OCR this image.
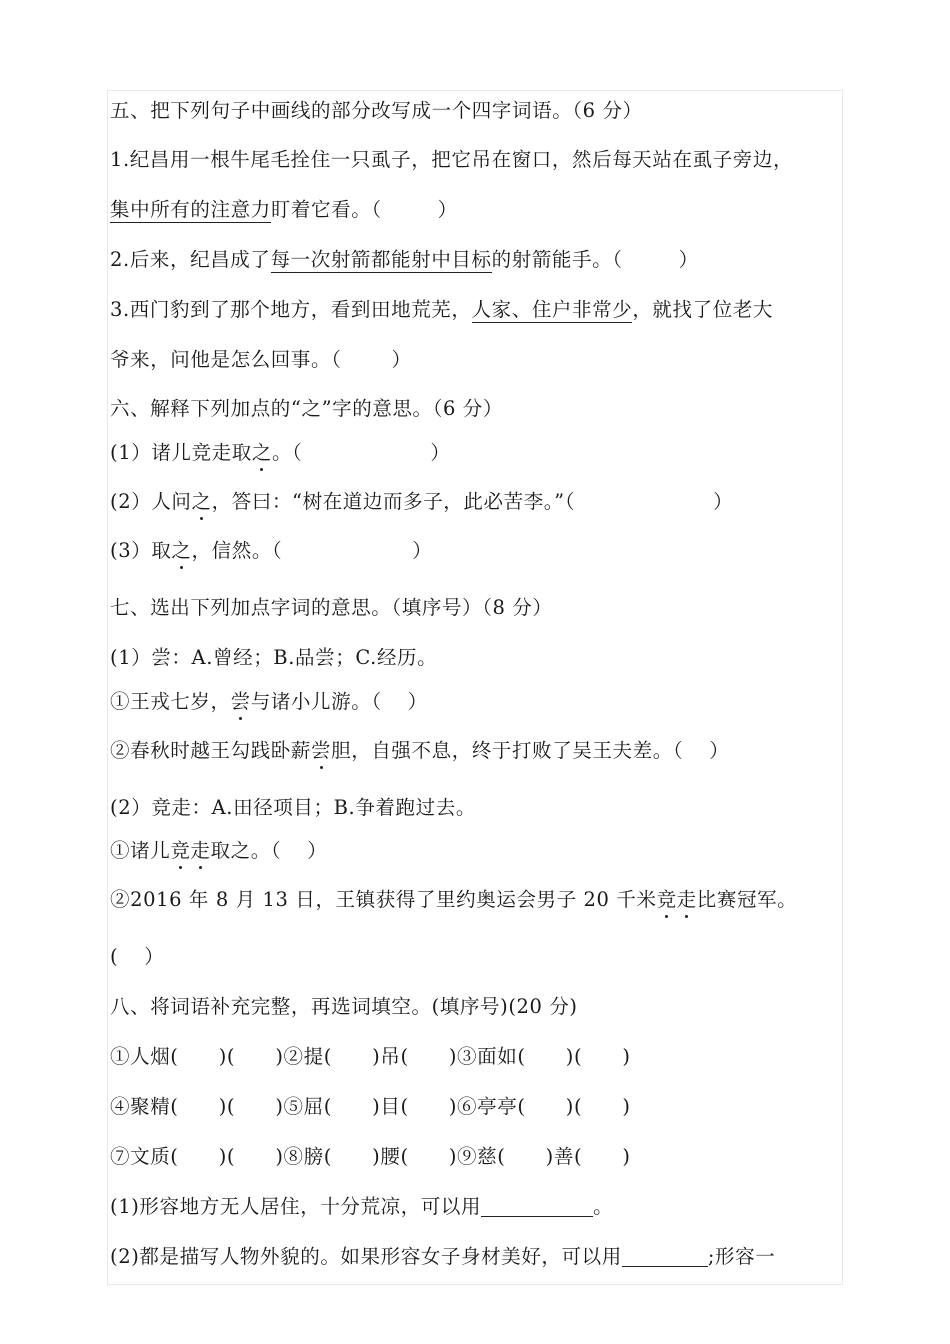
五、把下列句子中画线的部分改写成一个四字词语。（6 分）
1.纪昌用一根牛尾毛拴住一只虱子，把它吊在窗口，然后每天站在虱子旁边，
集中所有的注意力盯着它看。（	）
2.后来，纪昌成了每一次射箭都能射中目标的射箭能手。（	）
3.西门豹到了那个地方，看到田地荒芜，人家、住户非常少，就找了位老大
爷来，问他是怎么回事。（	）
六、解释下列加点的“之”字的意思。（6 分）
(1）诸儿竞走取之。（	）
(2）人问之，答曰：“树在道边而多子，此必苦李。”（	）
(3）取之，信然。（	）
七、选出下列加点字词的意思。（填序号）（8 分）
(1）尝：A.曾经；B.品尝；C.经历。
①王戎七岁，尝与诸小儿游。（ ）
②春秋时越王勾践卧薪尝胆，自强不息，终于打败了吴王夫差。（ ）
(2）竞走：A.田径项目；B.争着跑过去。
①诸儿竞走取之。（ ）
②2016 年 8 月 13 日，王镇获得了里约奥运会男子 20 千米竞走比赛冠军。
( ）
八、将词语补充完整，再选词填空。(填序号)(20 分)
①人烟(　　)(　　)②提(　　)吊(　　)③面如(　　)(　　)
④聚精(　　)(　　)⑤屈(　　)目(　　)⑥亭亭(　　)(　　)
⑦文质(　　)(　　)⑧膀(　　)腰(　　)⑨慈(　　)善(　　)
(1)形容地方无人居住，十分荒凉，可以用	。
(2)都是描写人物外貌的。如果形容女子身材美好，可以用	;形容一
